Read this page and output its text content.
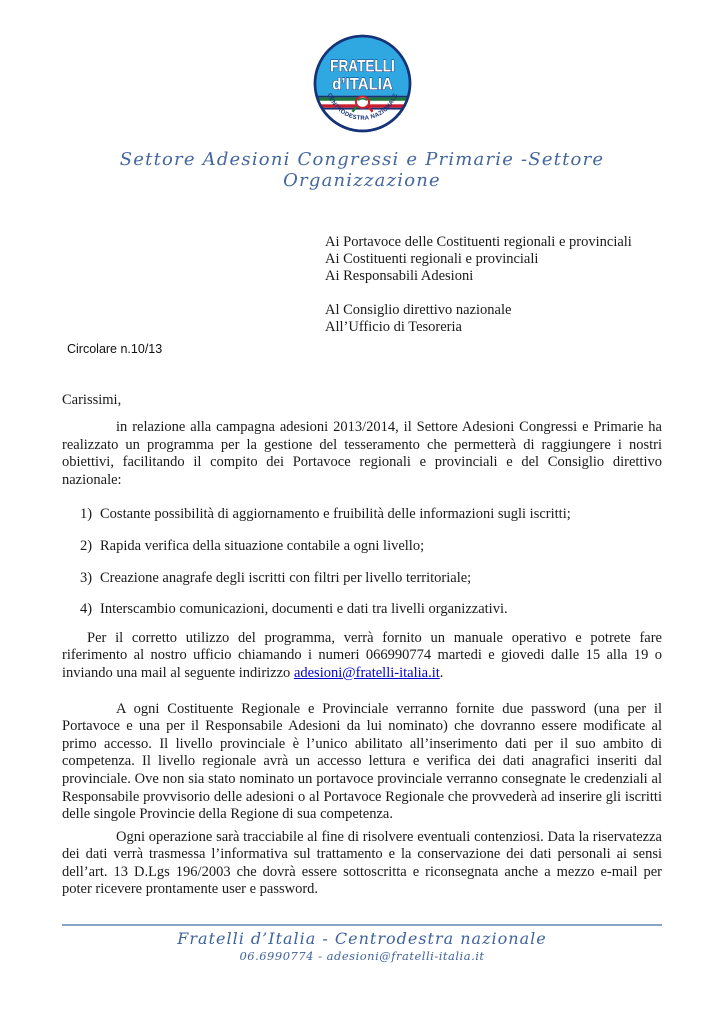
FRATELLI
d’ITALIA
CENTRODESTRA NAZIONALE
Settore Adesioni Congressi e Primarie -Settore Organizzazione
Ai Portavoce delle Costituenti regionali e provinciali
Ai Costituenti regionali e provinciali
Ai Responsabili Adesioni
Al Consiglio direttivo nazionale
All’Ufficio di Tesoreria
Circolare n.10/13
Carissimi,

in relazione alla campagna adesioni 2013/2014, il Settore Adesioni Congressi e Primarie ha realizzato un programma per la gestione del tesseramento che permetterà di raggiungere i nostri obiettivi, facilitando il compito dei Portavoce regionali e provinciali e del Consiglio direttivo nazionale:

1) Costante possibilità di aggiornamento e fruibilità delle informazioni sugli iscritti;
2) Rapida verifica della situazione contabile a ogni livello;
3) Creazione anagrafe degli iscritti con filtri per livello territoriale;
4) Interscambio comunicazioni, documenti e dati tra livelli organizzativi.

Per il corretto utilizzo del programma, verrà fornito un manuale operativo e potrete fare riferimento al nostro ufficio chiamando i numeri 066990774 martedi e giovedi dalle 15 alla 19 o inviando una mail al seguente indirizzo adesioni@fratelli-italia.it.

A ogni Costituente Regionale e Provinciale verranno fornite due password (una per il Portavoce e una per il Responsabile Adesioni da lui nominato) che dovranno essere modificate al primo accesso. Il livello provinciale è l’unico abilitato all’inserimento dati per il suo ambito di competenza. Il livello regionale avrà un accesso lettura e verifica dei dati anagrafici inseriti dal provinciale. Ove non sia stato nominato un portavoce provinciale verranno consegnate le credenziali al Responsabile provvisorio delle adesioni o al Portavoce Regionale che provvederà ad inserire gli iscritti delle singole Provincie della Regione di sua competenza.

Ogni operazione sarà tracciabile al fine di risolvere eventuali contenziosi. Data la riservatezza dei dati verrà trasmessa l’informativa sul trattamento e la conservazione dei dati personali ai sensi dell’art. 13 D.Lgs 196/2003 che dovrà essere sottoscritta e riconsegnata anche a mezzo e-mail per poter ricevere prontamente user e password.

Fratelli d’Italia - Centrodestra nazionale
06.6990774 - adesioni@fratelli-italia.it
